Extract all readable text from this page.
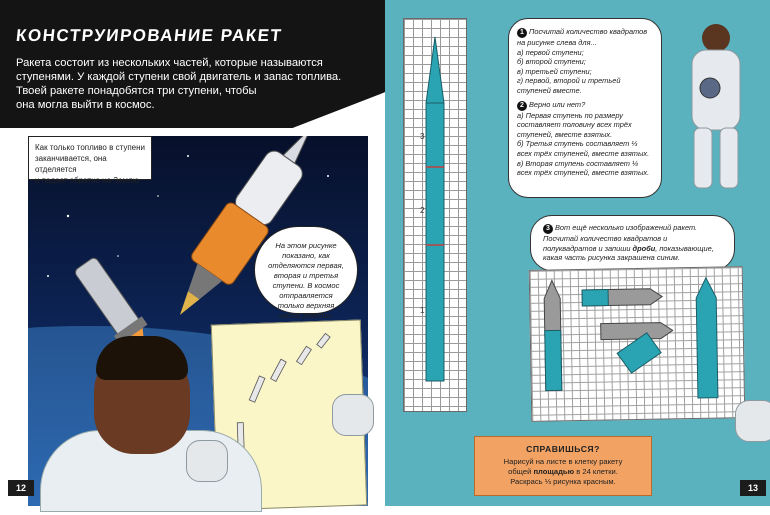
КОНСТРУИРОВАНИЕ РАКЕТ

Ракета состоит из нескольких частей, которые называются

ступенями. У каждой ступени свой двигатель и запас топлива.

Твоей ракете понадобятся три ступени, чтобы

она могла выйти в космос.

Как только топливо в ступени
заканчивается, она отделяется
и падает обратно на Землю.
На этом рисунке
показано, как
отделяются первая,
вторая и третья
ступени. В космос
отправляется
только верхняя
часть ракеты.
12
3
2
1
1 Посчитай количество квадратов на рисунке слева для...

а) первой ступени;

б) второй ступени;

в) третьей ступени;

г) первой, второй и третьей ступеней вместе.

2 Верно или нет?

а) Первая ступень по размеру составляет половину всех трёх ступеней, вместе взятых.

б) Третья ступень составляет ⅓ всех трёх ступеней, вместе взятых.

в) Вторая ступень составляет ¼ всех трёх ступеней, вместе взятых.

3 Вот ещё несколько изображений ракет. Посчитай количество квадратов и полуквадратов и запиши дроби, показывающие, какая часть рисунка закрашена синим.
СПРАВИШЬСЯ?
Нарисуй на листе в клетку ракету
общей площадью в 24 клетки.
Раскрась ⅓ рисунка красным.
13
